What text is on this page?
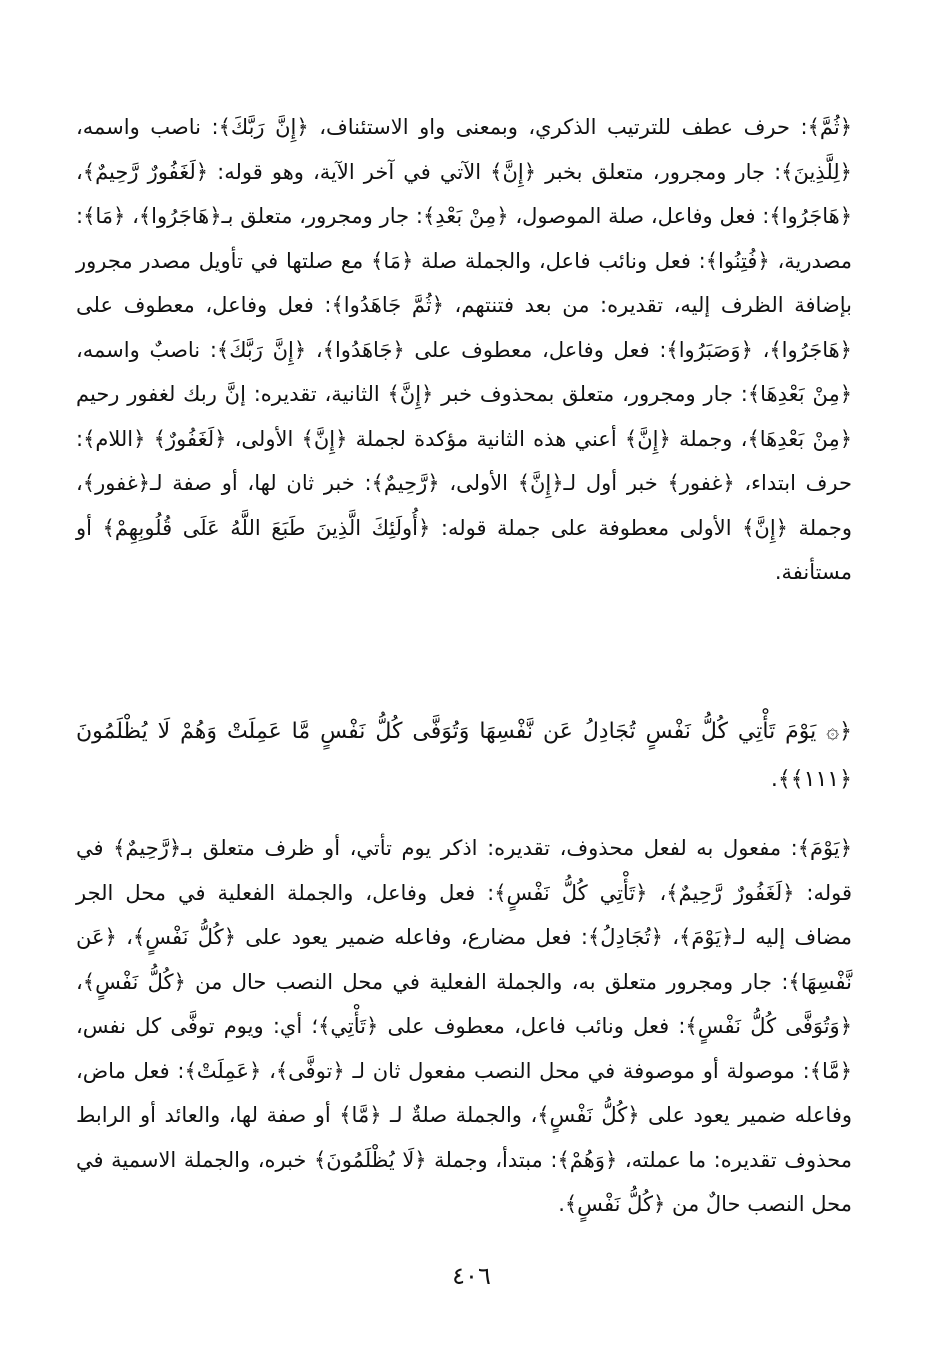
﴿ثُمَّ﴾: حرف عطف للترتيب الذكري، وبمعنى واو الاستئناف، ﴿إِنَّ رَبَّكَ﴾: ناصب واسمه، ﴿لِلَّذِينَ﴾: جار ومجرور، متعلق بخبر ﴿إِنَّ﴾ الآتي في آخر الآية، وهو قوله: ﴿لَغَفُورٌ رَّحِيمٌ﴾، ﴿هَاجَرُوا﴾: فعل وفاعل، صلة الموصول، ﴿مِنْ بَعْدِ﴾: جار ومجرور، متعلق بـ﴿هَاجَرُوا﴾، ﴿مَا﴾: مصدرية، ﴿فُتِنُوا﴾: فعل ونائب فاعل، والجملة صلة ﴿مَا﴾ مع صلتها في تأويل مصدر مجرور بإضافة الظرف إليه، تقديره: من بعد فتنتهم، ﴿ثُمَّ جَاهَدُوا﴾: فعل وفاعل، معطوف على ﴿هَاجَرُوا﴾، ﴿وَصَبَرُوا﴾: فعل وفاعل، معطوف على ﴿جَاهَدُوا﴾، ﴿إِنَّ رَبَّكَ﴾: ناصبٌ واسمه، ﴿مِنْ بَعْدِهَا﴾: جار ومجرور، متعلق بمحذوف خبر ﴿إِنَّ﴾ الثانية، تقديره: إنَّ ربك لغفور رحيم ﴿مِنْ بَعْدِهَا﴾، وجملة ﴿إِنَّ﴾ أعني هذه الثانية مؤكدة لجملة ﴿إِنَّ﴾ الأولى، ﴿لَغَفُورٌ﴾ ﴿اللام﴾: حرف ابتداء، ﴿غفور﴾ خبر أول لـ﴿إِنَّ﴾ الأولى، ﴿رَّحِيمٌ﴾: خبر ثان لها، أو صفة لـ﴿غفور﴾، وجملة ﴿إِنَّ﴾ الأولى معطوفة على جملة قوله: ﴿أُولَئِكَ الَّذِينَ طَبَعَ اللَّهُ عَلَى قُلُوبِهِمْ﴾ أو مستأنفة.

﴿۞ يَوْمَ تَأْتِي كُلُّ نَفْسٍ تُجَادِلُ عَن نَّفْسِهَا وَتُوَفَّى كُلُّ نَفْسٍ مَّا عَمِلَتْ وَهُمْ لَا يُظْلَمُونَ ﴿١١١﴾﴾.

﴿يَوْمَ﴾: مفعول به لفعل محذوف، تقديره: اذكر يوم تأتي، أو ظرف متعلق بـ﴿رَّحِيمٌ﴾ في قوله: ﴿لَغَفُورٌ رَّحِيمٌ﴾، ﴿تَأْتِي كُلُّ نَفْسٍ﴾: فعل وفاعل، والجملة الفعلية في محل الجر مضاف إليه لـ﴿يَوْمَ﴾، ﴿تُجَادِلُ﴾: فعل مضارع، وفاعله ضمير يعود على ﴿كُلُّ نَفْسٍ﴾، ﴿عَن نَّفْسِهَا﴾: جار ومجرور متعلق به، والجملة الفعلية في محل النصب حال من ﴿كُلُّ نَفْسٍ﴾، ﴿وَتُوَفَّى كُلُّ نَفْسٍ﴾: فعل ونائب فاعل، معطوف على ﴿تَأْتِي﴾؛ أي: ويوم توفَّى كل نفس، ﴿مَّا﴾: موصولة أو موصوفة في محل النصب مفعول ثان لـ ﴿توفَّى﴾، ﴿عَمِلَتْ﴾: فعل ماض، وفاعله ضمير يعود على ﴿كُلُّ نَفْسٍ﴾، والجملة صلةٌ لـ ﴿مَّا﴾ أو صفة لها، والعائد أو الرابط محذوف تقديره: ما عملته، ﴿وَهُمْ﴾: مبتدأ، وجملة ﴿لَا يُظْلَمُونَ﴾ خبره، والجملة الاسمية في محل النصب حالٌ من ﴿كُلُّ نَفْسٍ﴾.

٤٠٦
